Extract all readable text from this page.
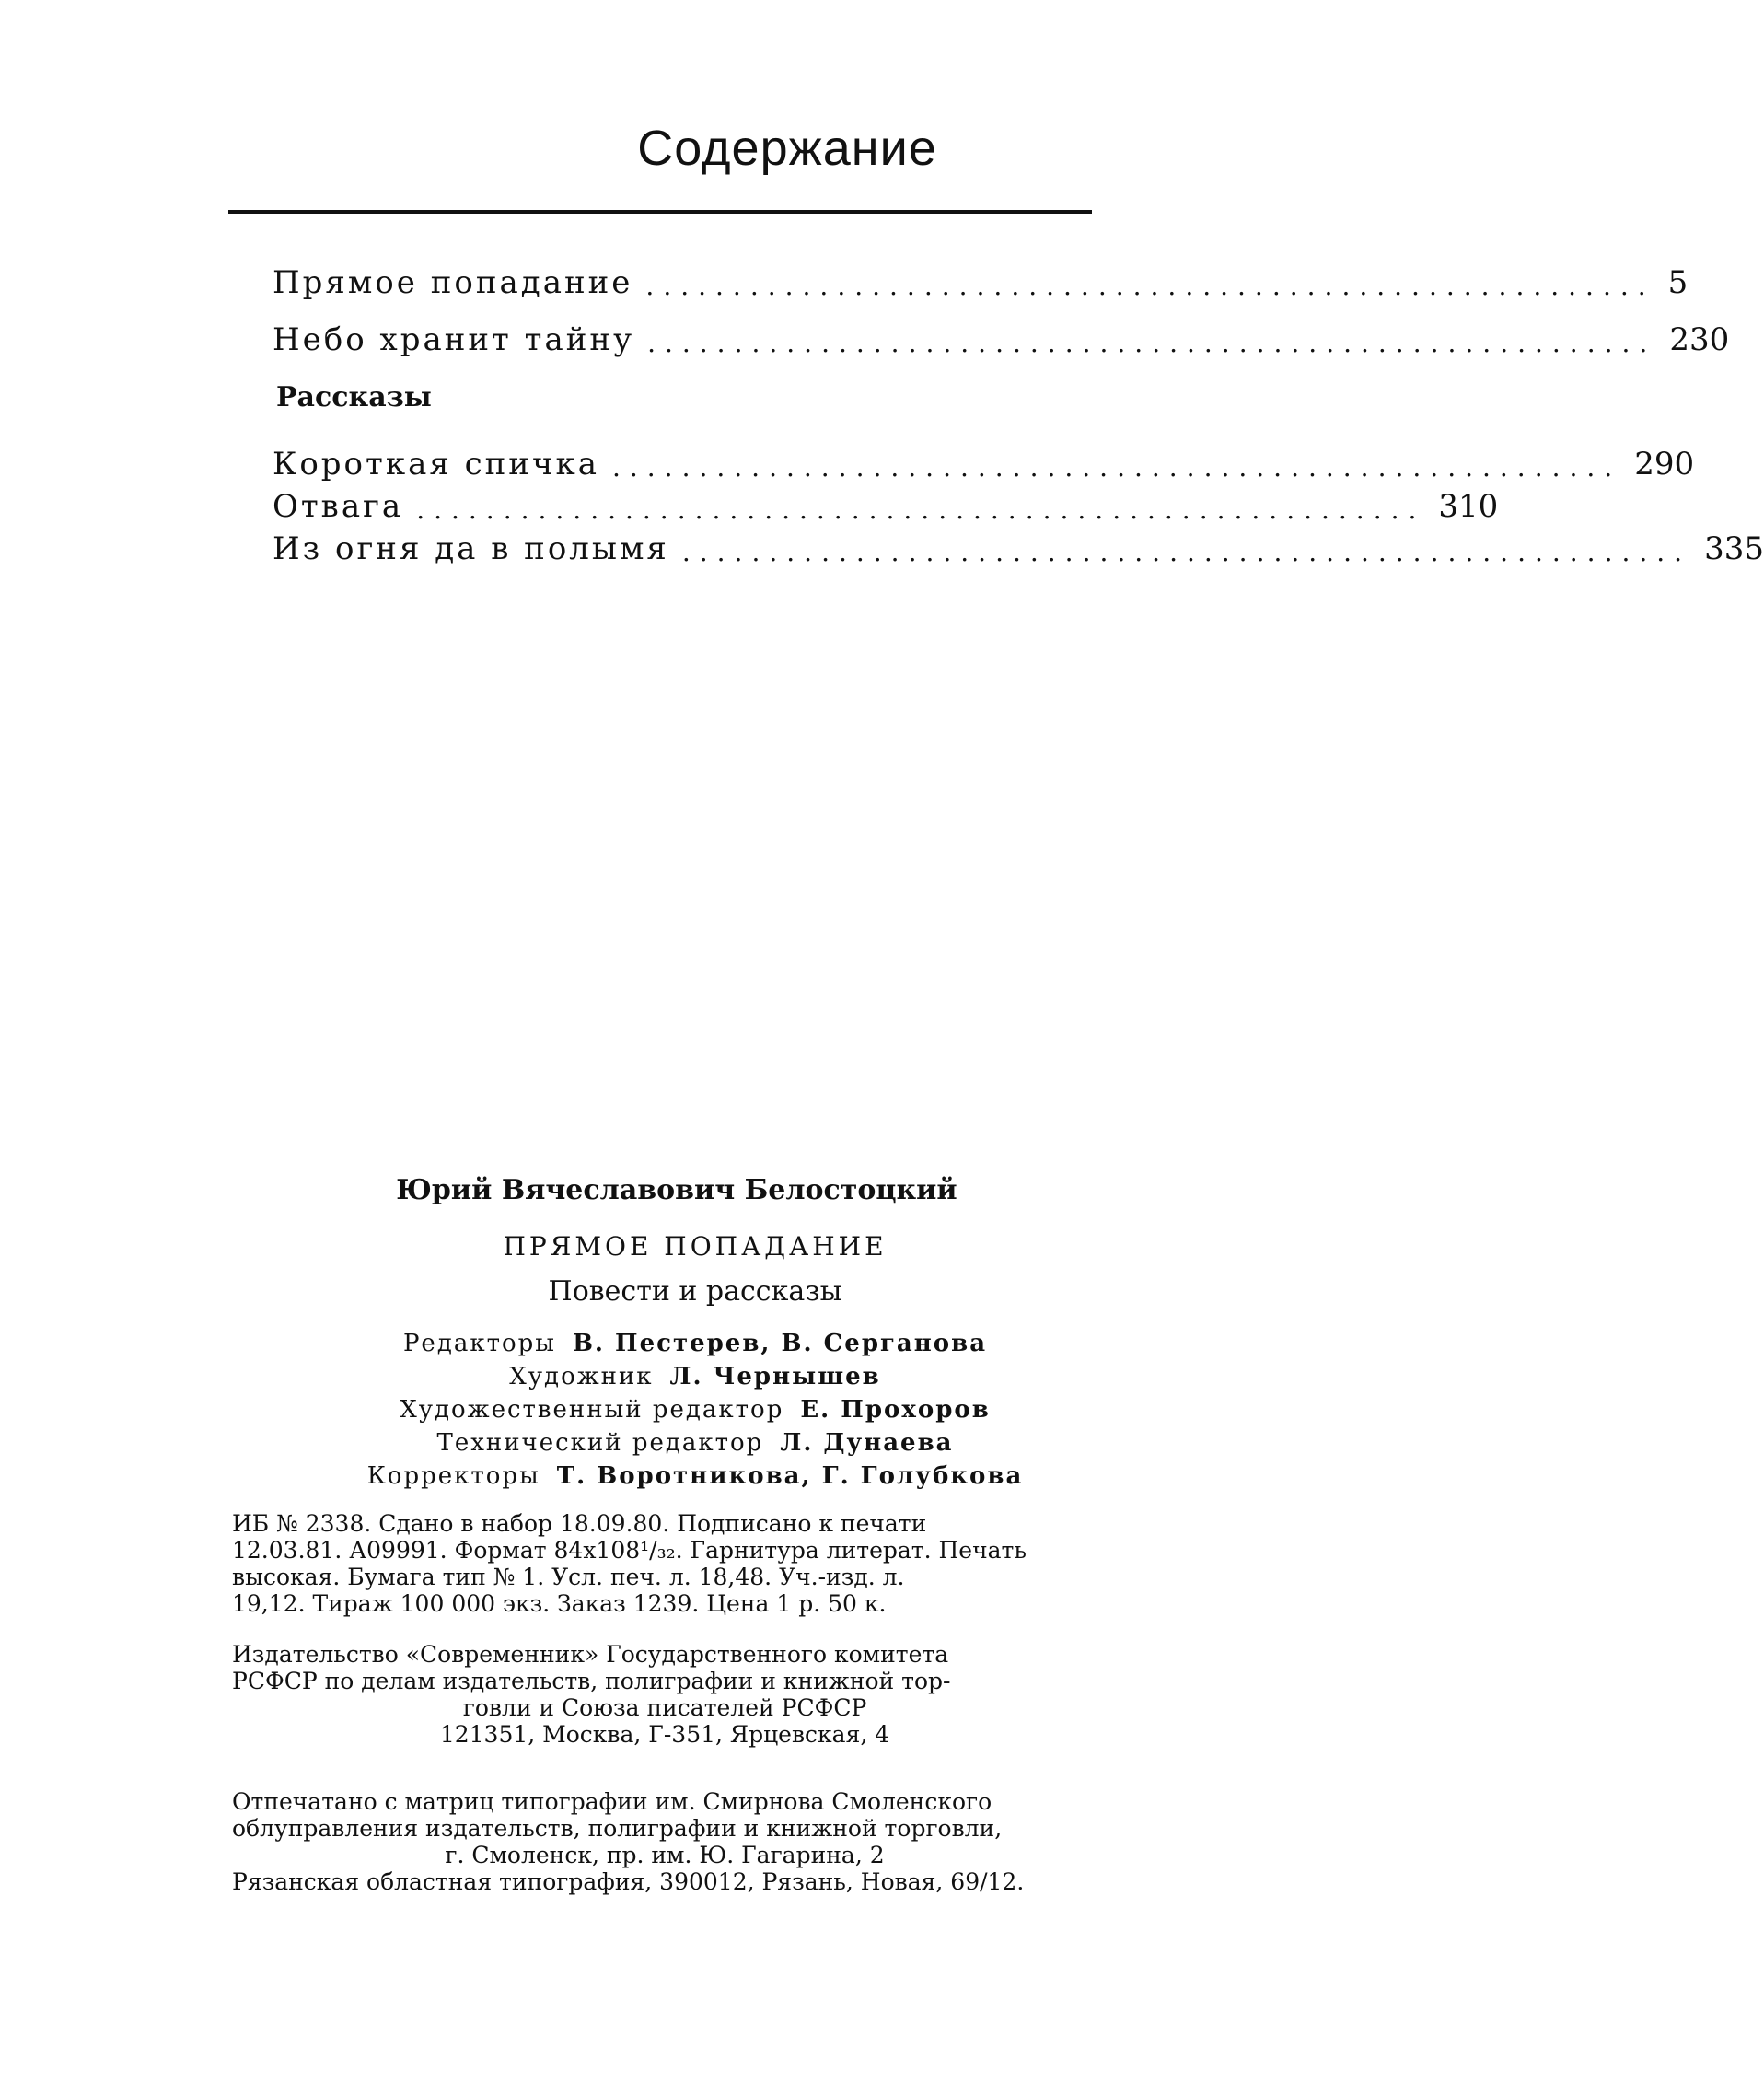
Содержание
Прямое попадание .......................................................... 5
Небо хранит тайну .......................................................... 230
Рассказы
Короткая спичка .......................................................... 290
Отвага .......................................................... 310
Из огня да в полымя .......................................................... 335
Юрий Вячеславович Белостоцкий
ПРЯМОЕ ПОПАДАНИЕ
Повести и рассказы
Редакторы В. Пестерев, В. Серганова
Художник Л. Чернышев
Художественный редактор Е. Прохоров
Технический редактор Л. Дунаева
Корректоры Т. Воротникова, Г. Голубкова
ИБ № 2338. Сдано в набор 18.09.80. Подписано к печати
12.03.81. А09991. Формат 84x108¹/₃₂. Гарнитура литерат. Печать
высокая. Бумага тип № 1. Усл. печ. л. 18,48. Уч.-изд. л.
19,12. Тираж 100 000 экз. Заказ 1239. Цена 1 р. 50 к.
Издательство «Современник» Государственного комитета
РСФСР по делам издательств, полиграфии и книжной тор-
говли и Союза писателей РСФСР
121351, Москва, Г-351, Ярцевская, 4
Отпечатано с матриц типографии им. Смирнова Смоленского
облуправления издательств, полиграфии и книжной торговли,
г. Смоленск, пр. им. Ю. Гагарина, 2
Рязанская областная типография, 390012, Рязань, Новая, 69/12.
